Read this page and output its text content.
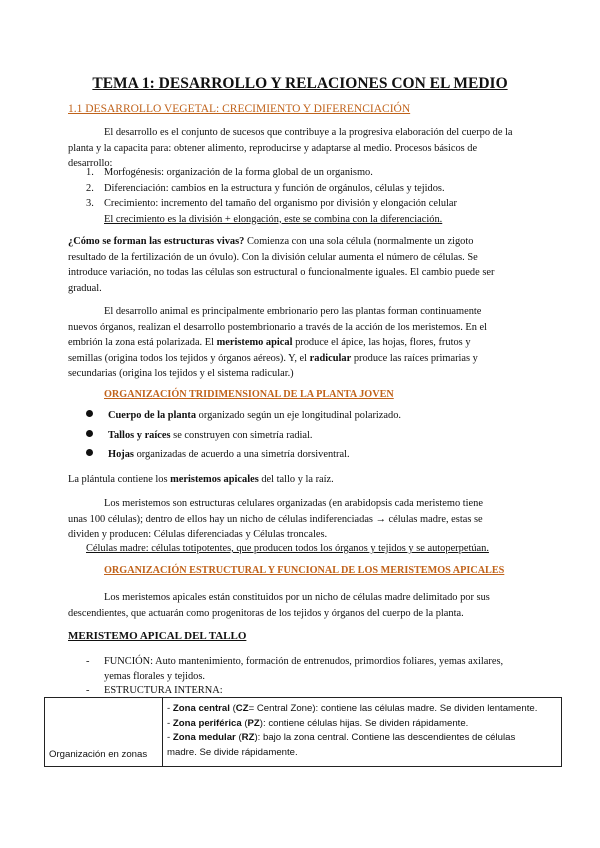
TEMA 1: DESARROLLO Y RELACIONES CON EL MEDIO
1.1 DESARROLLO VEGETAL: CRECIMIENTO Y DIFERENCIACIÓN
El desarrollo es el conjunto de sucesos que contribuye a la progresiva elaboración del cuerpo de la
planta y la capacita para: obtener alimento, reproducirse y adaptarse al medio. Procesos básicos de
desarrollo:
1. Morfogénesis: organización de la forma global de un organismo.
2. Diferenciación: cambios en la estructura y función de orgánulos, células y tejidos.
3. Crecimiento: incremento del tamaño del organismo por división y elongación celular
El crecimiento es la división + elongación, este se combina con la diferenciación.
¿Cómo se forman las estructuras vivas? Comienza con una sola célula (normalmente un zigoto
resultado de la fertilización de un óvulo). Con la división celular aumenta el número de células. Se
introduce variación, no todas las células son estructural o funcionalmente iguales. El cambio puede ser
gradual.
El desarrollo animal es principalmente embrionario pero las plantas forman continuamente
nuevos órganos, realizan el desarrollo postembrionario a través de la acción de los meristemos. En el
embrión la zona está polarizada. El meristemo apical produce el ápice, las hojas, flores, frutos y
semillas (origina todos los tejidos y órganos aéreos). Y, el radicular produce las raíces primarias y
secundarias (origina los tejidos y el sistema radicular.)
ORGANIZACIÓN TRIDIMENSIONAL DE LA PLANTA JOVEN
Cuerpo de la planta organizado según un eje longitudinal polarizado.
Tallos y raíces se construyen con simetría radial.
Hojas organizadas de acuerdo a una simetría dorsiventral.
La plántula contiene los meristemos apicales del tallo y la raíz.
Los meristemos son estructuras celulares organizadas (en arabidopsis cada meristemo tiene
unas 100 células); dentro de ellos hay un nicho de células indiferenciadas → células madre, estas se
dividen y producen: Células diferenciadas y Células troncales.
Células madre: células totipotentes, que producen todos los órganos y tejidos y se autoperpetúan.
ORGANIZACIÓN ESTRUCTURAL Y FUNCIONAL DE LOS MERISTEMOS APICALES
Los meristemos apicales están constituidos por un nicho de células madre delimitado por sus
descendientes, que actuarán como progenitoras de los tejidos y órganos del cuerpo de la planta.
MERISTEMO APICAL DEL TALLO
- FUNCIÓN: Auto mantenimiento, formación de entrenudos, primordios foliares, yemas axilares,
yemas florales y tejidos.
- ESTRUCTURA INTERNA:
Organización en zonas	
- Zona central (CZ= Central Zone): contiene las células madre. Se dividen lentamente.
- Zona periférica (PZ): contiene células hijas. Se dividen rápidamente.
- Zona medular (RZ): bajo la zona central. Contiene las descendientes de células
madre. Se divide rápidamente.
